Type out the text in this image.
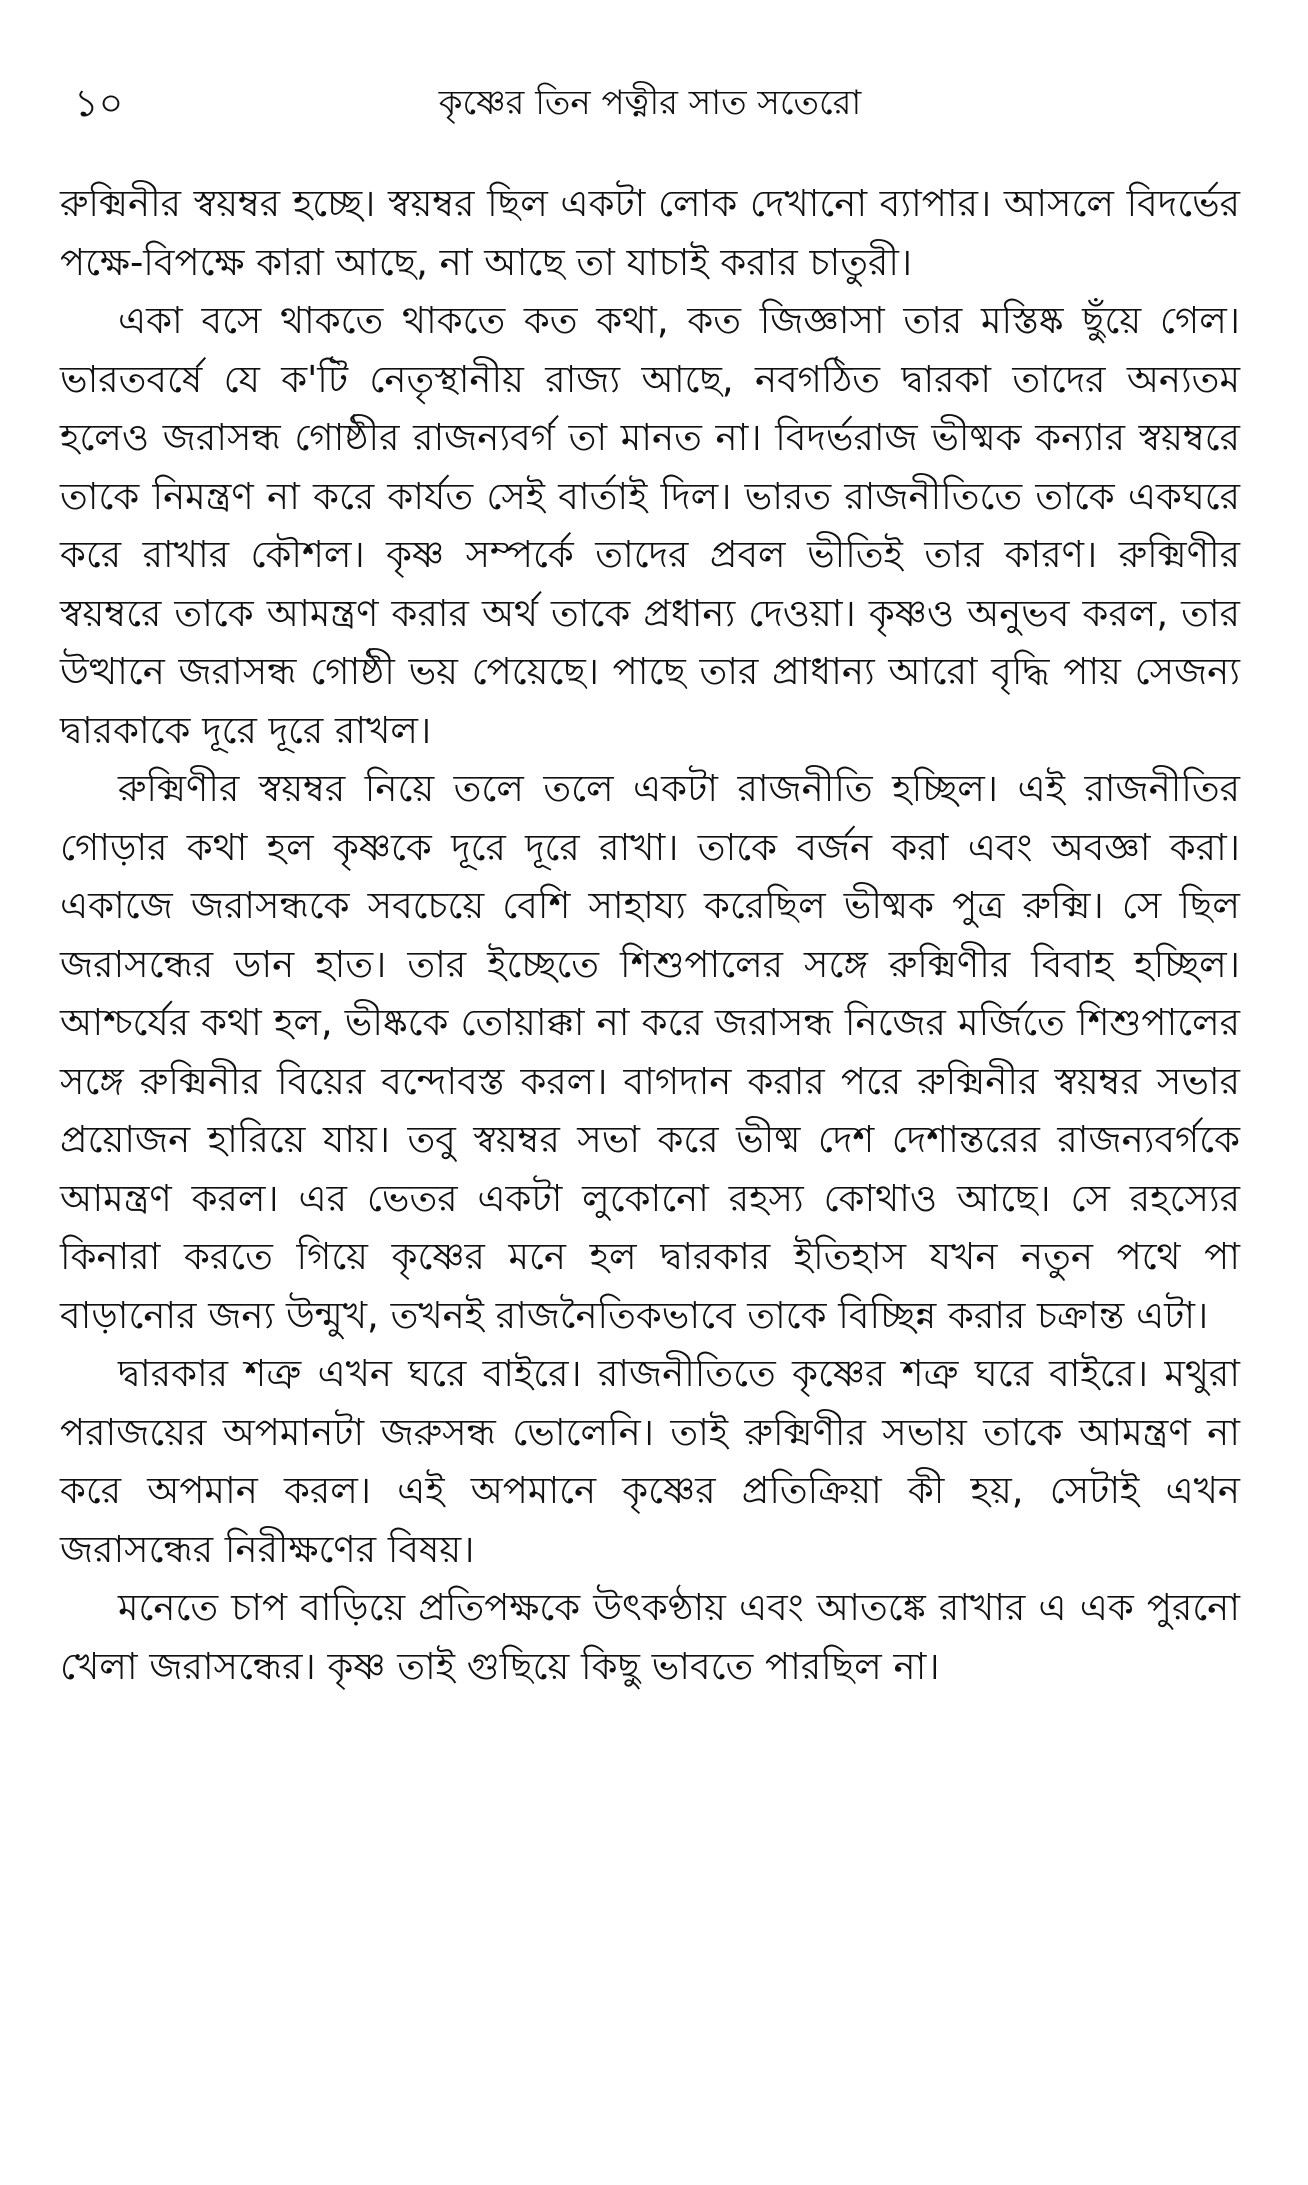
১০	কৃষ্ণের তিন পত্নীর সাত সতেরো

রুক্মিনীর স্বয়ম্বর হচ্ছে। স্বয়ম্বর ছিল একটা লোক দেখানো ব্যাপার। আসলে বিদর্ভের পক্ষে-বিপক্ষে কারা আছে, না আছে তা যাচাই করার চাতুরী।

একা বসে থাকতে থাকতে কত কথা, কত জিজ্ঞাসা তার মস্তিষ্ক ছুঁয়ে গেল। ভারতবর্ষে যে ক'টি নেতৃস্থানীয় রাজ্য আছে, নবগঠিত দ্বারকা তাদের অন্যতম হলেও জরাসন্ধ গোষ্ঠীর রাজন্যবর্গ তা মানত না। বিদর্ভরাজ ভীষ্মক কন্যার স্বয়ম্বরে তাকে নিমন্ত্রণ না করে কার্যত সেই বার্তাই দিল। ভারত রাজনীতিতে তাকে একঘরে করে রাখার কৌশল। কৃষ্ণ সম্পর্কে তাদের প্রবল ভীতিই তার কারণ। রুক্মিণীর স্বয়ম্বরে তাকে আমন্ত্রণ করার অর্থ তাকে প্রধান্য দেওয়া। কৃষ্ণও অনুভব করল, তার উত্থানে জরাসন্ধ গোষ্ঠী ভয় পেয়েছে। পাছে তার প্রাধান্য আরো বৃদ্ধি পায় সেজন্য দ্বারকাকে দূরে দূরে রাখল।

রুক্মিণীর স্বয়ম্বর নিয়ে তলে তলে একটা রাজনীতি হচ্ছিল। এই রাজনীতির গোড়ার কথা হল কৃষ্ণকে দূরে দূরে রাখা। তাকে বর্জন করা এবং অবজ্ঞা করা। একাজে জরাসন্ধকে সবচেয়ে বেশি সাহায্য করেছিল ভীষ্মক পুত্র রুক্মি। সে ছিল জরাসন্ধের ডান হাত। তার ইচ্ছেতে শিশুপালের সঙ্গে রুক্মিণীর বিবাহ হচ্ছিল। আশ্চর্যের কথা হল, ভীষ্ককে তোয়াক্কা না করে জরাসন্ধ নিজের মর্জিতে শিশুপালের সঙ্গে রুক্মিনীর বিয়ের বন্দোবস্ত করল। বাগদান করার পরে রুক্মিনীর স্বয়ম্বর সভার প্রয়োজন হারিয়ে যায়। তবু স্বয়ম্বর সভা করে ভীষ্ম দেশ দেশান্তরের রাজন্যবর্গকে আমন্ত্রণ করল। এর ভেতর একটা লুকোনো রহস্য কোথাও আছে। সে রহস্যের কিনারা করতে গিয়ে কৃষ্ণের মনে হল দ্বারকার ইতিহাস যখন নতুন পথে পা বাড়ানোর জন্য উন্মুখ, তখনই রাজনৈতিকভাবে তাকে বিচ্ছিন্ন করার চক্রান্ত এটা।

দ্বারকার শত্রু এখন ঘরে বাইরে। রাজনীতিতে কৃষ্ণের শত্রু ঘরে বাইরে। মথুরা পরাজয়ের অপমানটা জরুসন্ধ ভোলেনি। তাই রুক্মিণীর সভায় তাকে আমন্ত্রণ না করে অপমান করল। এই অপমানে কৃষ্ণের প্রতিক্রিয়া কী হয়, সেটাই এখন জরাসন্ধের নিরীক্ষণের বিষয়।

মনেতে চাপ বাড়িয়ে প্রতিপক্ষকে উৎকণ্ঠায় এবং আতঙ্কে রাখার এ এক পুরনো খেলা জরাসন্ধের। কৃষ্ণ তাই গুছিয়ে কিছু ভাবতে পারছিল না।
